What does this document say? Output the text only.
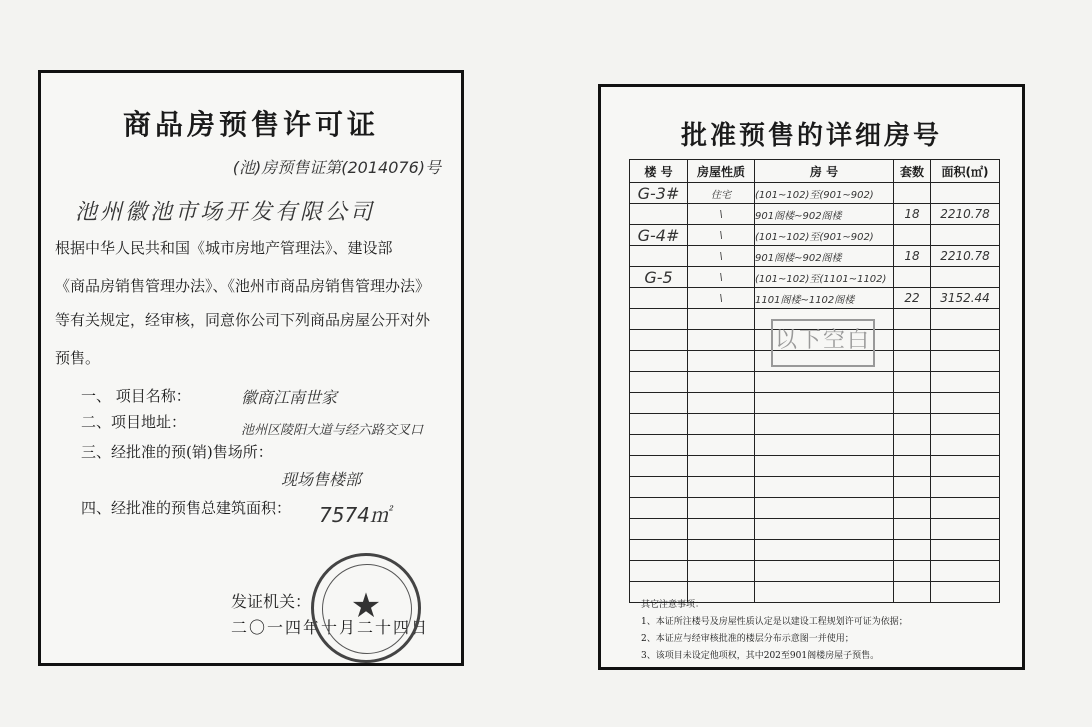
商品房预售许可证
(池)房预售证第(2014076)号
池州徽池市场开发有限公司
根据中华人民共和国《城市房地产管理法》、建设部
《商品房销售管理办法》、《池州市商品房销售管理办法》
等有关规定，经审核，同意你公司下列商品房屋公开对外
预售。
一、 项目名称：	徽商江南世家
二、项目地址：	池州区陵阳大道与经六路交叉口
三、经批准的预(销)售场所：
现场售楼部
四、经批准的预售总建筑面积： 7574㎡
发证机关：
二〇一四年十月二十四日
★
批准预售的详细房号
楼 号	房屋性质	房 号	套数	面积(㎡)
G-3#	住宅	(101~102)至(901~902)		
	\	901阁楼~902阁楼	18	2210.78
G-4#	\	(101~102)至(901~902)		
	\	901阁楼~902阁楼	18	2210.78
G-5	\	(101~102)至(1101~1102)		
	\	1101阁楼~1102阁楼	22	3152.44

以下空白
其它注意事项：
1、本证所注楼号及房屋性质认定是以建设工程规划许可证为依据；
2、本证应与经审核批准的楼层分布示意图一并使用；
3、该项目未设定他项权，其中202至901阁楼房屋子预售。
